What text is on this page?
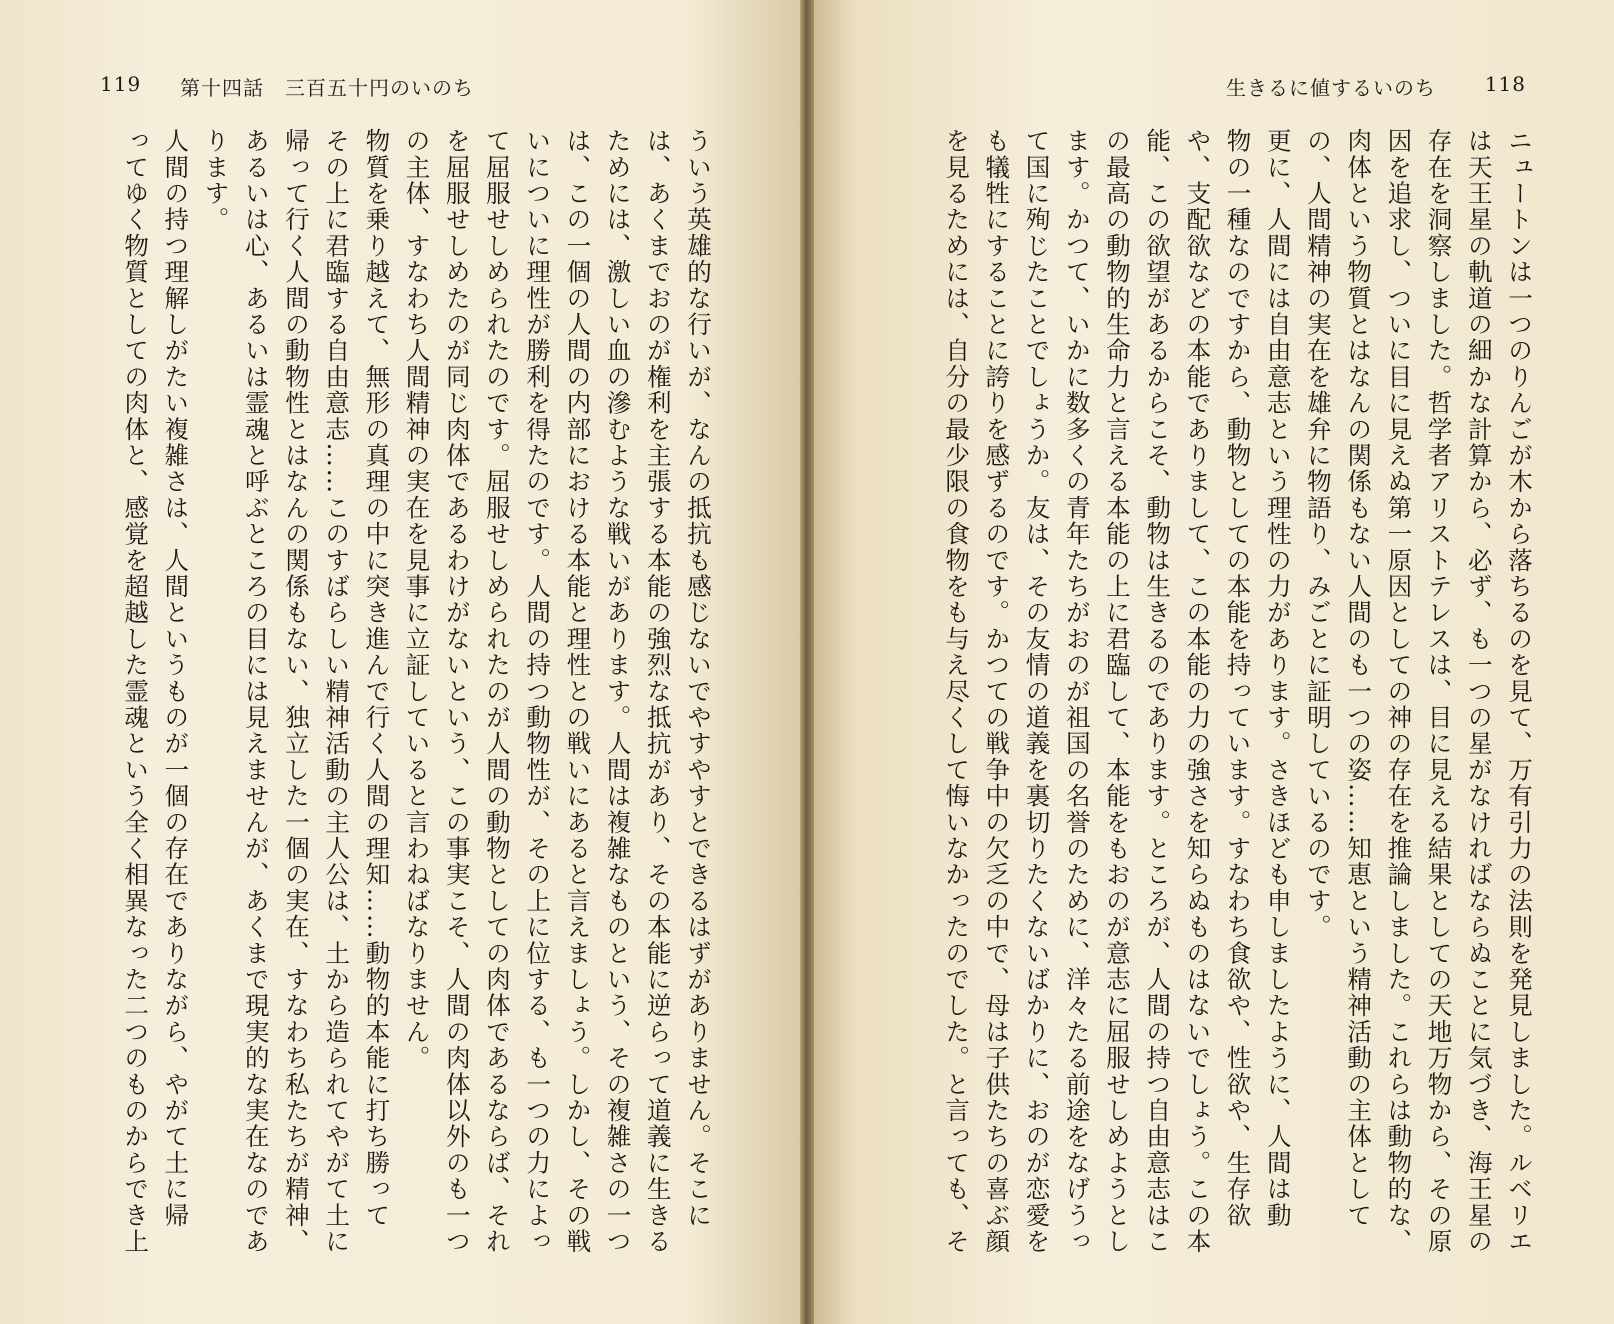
119 第十四話　三百五十円のいのち
ういう英雄的な行いが、なんの抵抗も感じないでやすやすとできるはずがありません。そこに
は、あくまでおのが権利を主張する本能の強烈な抵抗があり、その本能に逆らって道義に生きる
ためには、激しい血の滲むような戦いがあります。人間は複雑なものという、その複雑さの一つ
は、この一個の人間の内部における本能と理性との戦いにあると言えましょう。しかし、その戦
いについに理性が勝利を得たのです。人間の持つ動物性が、その上に位する、も一つの力によっ
て屈服せしめられたのです。屈服せしめられたのが人間の動物としての肉体であるならば、それ
を屈服せしめたのが同じ肉体であるわけがないという、この事実こそ、人間の肉体以外のも一つ
の主体、すなわち人間精神の実在を見事に立証していると言わねばなりません。
物質を乗り越えて、無形の真理の中に突き進んで行く人間の理知……動物的本能に打ち勝って
その上に君臨する自由意志……このすばらしい精神活動の主人公は、土から造られてやがて土に
帰って行く人間の動物性とはなんの関係もない、独立した一個の実在、すなわち私たちが精神、
あるいは心、あるいは霊魂と呼ぶところの目には見えませんが、あくまで現実的な実在なのであ
ります。
人間の持つ理解しがたい複雑さは、人間というものが一個の存在でありながら、やがて土に帰
ってゆく物質としての肉体と、感覚を超越した霊魂という全く相異なった二つのものからでき上
生きるに値するいのち 118
ニュートンは一つのりんごが木から落ちるのを見て、万有引力の法則を発見しました。ルベリエ
は天王星の軌道の細かな計算から、必ず、も一つの星がなければならぬことに気づき、海王星の
存在を洞察しました。哲学者アリストテレスは、目に見える結果としての天地万物から、その原
因を追求し、ついに目に見えぬ第一原因としての神の存在を推論しました。これらは動物的な、
肉体という物質とはなんの関係もない人間のも一つの姿……知恵という精神活動の主体として
の、人間精神の実在を雄弁に物語り、みごとに証明しているのです。
更に、人間には自由意志という理性の力があります。さきほども申しましたように、人間は動
物の一種なのですから、動物としての本能を持っています。すなわち食欲や、性欲や、生存欲
や、支配欲などの本能でありまして、この本能の力の強さを知らぬものはないでしょう。この本
能、この欲望があるからこそ、動物は生きるのであります。ところが、人間の持つ自由意志はこ
の最高の動物的生命力と言える本能の上に君臨して、本能をもおのが意志に屈服せしめようとし
ます。かつて、いかに数多くの青年たちがおのが祖国の名誉のために、洋々たる前途をなげうっ
て国に殉じたことでしょうか。友は、その友情の道義を裏切りたくないばかりに、おのが恋愛を
も犠牲にすることに誇りを感ずるのです。かつての戦争中の欠乏の中で、母は子供たちの喜ぶ顔
を見るためには、自分の最少限の食物をも与え尽くして悔いなかったのでした。と言っても、そ
